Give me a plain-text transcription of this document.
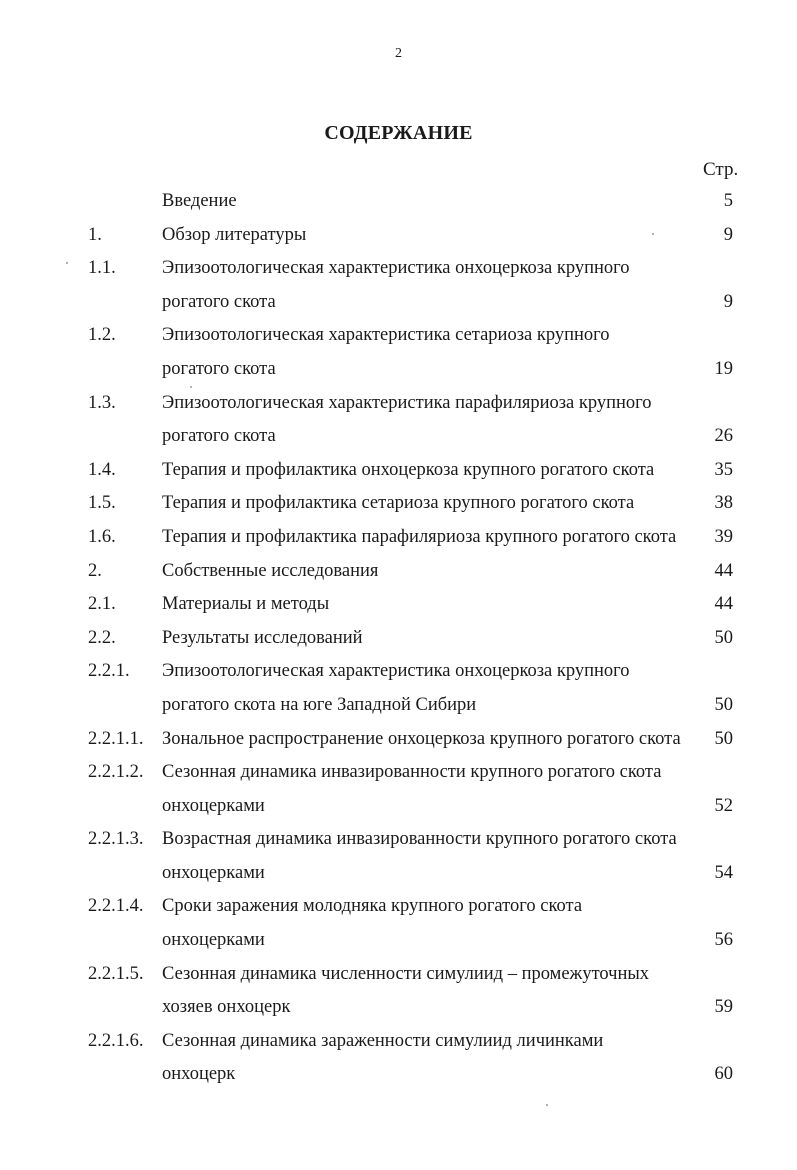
2
СОДЕРЖАНИЕ
Стр.
Введение	5
1.	Обзор литературы	9
1.1.	Эпизоотологическая характеристика онхоцеркоза крупного
рогатого скота	9
1.2.	Эпизоотологическая характеристика сетариоза крупного
рогатого скота	19
1.3.	Эпизоотологическая характеристика парафиляриоза крупного
рогатого скота	26
1.4.	Терапия и профилактика онхоцеркоза крупного рогатого скота	35
1.5.	Терапия и профилактика сетариоза крупного рогатого скота	38
1.6.	Терапия и профилактика парафиляриоза крупного рогатого скота 39
2.	Собственные исследования	44
2.1.	Материалы и методы	44
2.2.	Результаты исследований	50
2.2.1. Эпизоотологическая характеристика онхоцеркоза крупного
рогатого скота на юге Западной Сибири	50
2.2.1.1. Зональное распространение онхоцеркоза крупного рогатого скота 50
2.2.1.2. Сезонная динамика инвазированности крупного рогатого скота
онхоцерками	52
2.2.1.3. Возрастная динамика инвазированности крупного рогатого скота
онхоцерками	54
2.2.1.4. Сроки заражения молодняка крупного рогатого скота
онхоцерками	56
2.2.1.5. Сезонная динамика численности симулиид – промежуточных
хозяев онхоцерк	59
2.2.1.6. Сезонная динамика зараженности симулиид личинками
онхоцерк	60
